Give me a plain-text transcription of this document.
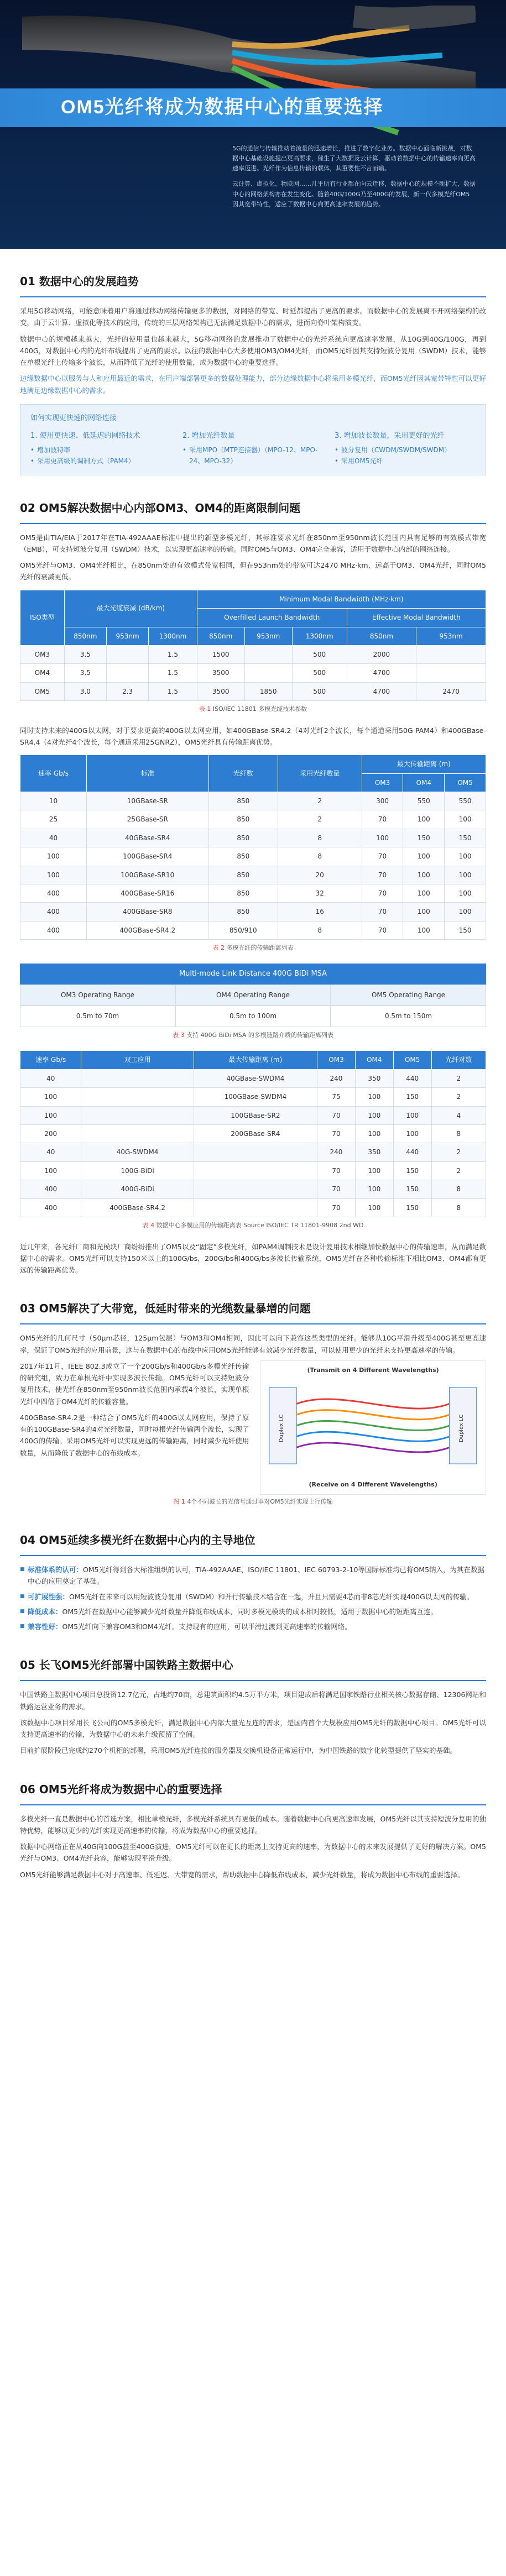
OM5光纤将成为数据中心的重要选择

5G的通信与传输推动着流量的迅速增长，推进了数字化业务。数据中心面临新挑战，对数据中心基础设施提出更高要求，催生了大数据及云计算，驱动着数据中心的传输速率向更高速率迈进。光纤作为信息传输的载体，其重要性不言而喻。

云计算、虚拟化、物联网……几乎所有行业都在向云迁移，数据中心的规模不断扩大，数据中心的网络架构亦在发生变化。随着40G/100G乃至400G的发展，新一代多模光纤OM5因其宽带特性，适应了数据中心向更高速率发展的趋势。

01 数据中心的发展趋势

采用5G移动网络，可能意味着用户将通过移动网络传输更多的数据，对网络的带宽、时延都提出了更高的要求。而数据中心的发展离不开网络架构的改变，由于云计算、虚拟化等技术的应用，传统的三层网络架构已无法满足数据中心的需求，进而向脊叶架构演变。

数据中心的规模越来越大，光纤的使用量也越来越大，5G移动网络的发展推动了数据中心的光纤系统向更高速率发展，从10G到40G/100G，再到400G，对数据中心内的光纤布线提出了更高的要求。以往的数据中心大多使用OM3/OM4光纤，而OM5光纤因其支持短波分复用（SWDM）技术，能够在单根光纤上传输多个波长，从而降低了光纤的使用数量，成为数据中心的重要选择。

边缘数据中心以服务与人和应用最近的需求，在用户端部署更多的数据处理能力，部分边缘数据中心将采用多模光纤，而OM5光纤因其宽带特性可以更好地满足边缘数据中心的需求。

如何实现更快速的网络连接
1. 使用更快速、低延迟的网络技术
• 增加波特率
• 采用更高级的调制方式（PAM4）
2. 增加光纤数量
• 采用MPO（MTP连接器）（MPO-12、MPO-24、MPO-32）
3. 增加波长数量，采用更好的光纤
• 波分复用（CWDM/SWDM/SWDM）
• 采用OM5光纤
02 OM5解决数据中心内部OM3、OM4的距离限制问题

OM5是由TIA/EIA于2017年在TIA-492AAAE标准中提出的新型多模光纤，其标准要求光纤在850nm至950nm波长范围内具有足够的有效模式带宽（EMB），可支持短波分复用（SWDM）技术，以实现更高速率的传输。同时OM5与OM3、OM4完全兼容，适用于数据中心内部的网络连接。

OM5光纤与OM3、OM4光纤相比，在850nm处的有效模式带宽相同，但在953nm处的带宽可达2470 MHz·km，远高于OM3、OM4光纤，同时OM5光纤的衰减更低。

ISO类型	最大光缆衰减 (dB/km)			Minimum Modal Bandwidth (MHz·km)				
				Overfilled Launch Bandwidth			Effective Modal Bandwidth	
	850nm	953nm	1300nm	850nm	953nm	1300nm	850nm	953nm
OM3	3.5		1.5	1500		500	2000	
OM4	3.5		1.5	3500		500	4700	
OM5	3.0	2.3	1.5	3500	1850	500	4700	2470
表 1 ISO/IEC 11801 多模光缆技术参数

同时支持未来的400G以太网，对于要求更高的400G以太网应用，如400GBase-SR4.2（4对光纤2个波长，每个通道采用50G PAM4）和400GBase-SR4.4（4对光纤4个波长，每个通道采用25GNRZ），OM5光纤具有传输距离优势。

速率 Gb/s	标准	光纤数	采用光纤数量	最大传输距离 (m)		
				OM3	OM4	OM5
10	10GBase-SR	850	2	300	550	550
25	25GBase-SR	850	2	70	100	100
40	40GBase-SR4	850	8	100	150	150
100	100GBase-SR4	850	8	70	100	100
100	100GBase-SR10	850	20	70	100	100
400	400GBase-SR16	850	32	70	100	100
400	400GBase-SR8	850	16	70	100	100
400	400GBase-SR4.2	850/910	8	70	100	150
表 2 多模光纤的传输距离列表
Multi-mode Link Distance 400G BiDi MSA
OM3 Operating Range	OM4 Operating Range	OM5 Operating Range
0.5m to 70m	0.5m to 100m	0.5m to 150m
表 3 支持 400G BiDi MSA 的多模链路介质的传输距离列表
速率 Gb/s	双工应用	最大传输距离 (m)	OM3	OM4	OM5	光纤对数
40		40GBase-SWDM4	240	350	440	2
100		100GBase-SWDM4	75	100	150	2
100		100GBase-SR2	70	100	100	4
200		200GBase-SR4	70	100	100	8
40	40G-SWDM4		240	350	440	2
100	100G-BiDi		70	100	150	2
400	400G-BiDi		70	100	150	8
400	400GBase-SR4.2		70	100	150	8
表 4 数据中心多模应用的传输距离表 Source ISO/IEC TR 11801-9908 2nd WD

近几年来，各光纤厂商和光模块厂商纷纷推出了OM5以及“固定”多模光纤，如PAM4调制技术是设计复用技术相继加快数据中心的传输速率，从而满足数据中心的需求。OM5光纤可以支持150米以上的100G/bs，200G/bs和400G/bs多波长传输系统，OM5光纤在各种传输标准下相比OM3、OM4都有更远的传输距离优势。

03 OM5解决了大带宽，低延时带来的光缆数量暴增的问题

OM5光纤的几何尺寸（50μm芯径，125μm包层）与OM3和OM4相同，因此可以向下兼容这些类型的光纤。能够从10G平滑升级至400G甚至更高速率，保证了OM5光纤的应用前景，这与在数据中心的布线中应用OM5光纤能够有效减少光纤数量，可以使用更少的光纤来支持更高速率的传输。

2017年11月，IEEE 802.3成立了一个200Gb/s和400Gb/s多模光纤传输的研究组，致力在单根光纤中实现多波长传输。OM5光纤可以支持短波分复用技术，使光纤在850nm至950nm波长范围内承载4个波长，实现单根光纤中四倍于OM4光纤的传输容量。

400GBase-SR4.2是一种结合了OM5光纤的400G以太网应用，保持了原有的100GBase-SR4的4对光纤数量，同时每根光纤传输两个波长，实现了400G的传输。采用OM5光纤可以实现更远的传输距离，同时减少光纤使用数量，从而降低了数据中心的布线成本。

(Transmit on 4 Different Wavelengths)
Duplex LC	Duplex LC
(Receive on 4 Different Wavelengths)
图 1 4个不同波长的光信号通过单对OM5光纤实现上行传输
04 OM5延续多模光纤在数据中心内的主导地位
■ 标准体系的认可：OM5光纤得到各大标准组织的认可，TIA-492AAAE、ISO/IEC 11801、IEC 60793-2-10等国际标准均已将OM5纳入，为其在数据中心的应用奠定了基础。
■ 可扩展性强：OM5光纤在未来可以用短波波分复用（SWDM）和并行传输技术结合在一起，并且只需要4芯而非8芯光纤实现400G以太网的传输。
■ 降低成本：OM5光纤在数据中心能够减少光纤数量并降低布线成本，同时多模光模块的成本相对较低，适用于数据中心的短距离互连。
■ 兼容性好：OM5光纤向下兼容OM3和OM4光纤，支持现有的应用，可以平滑过渡到更高速率的传输网络。
05 长飞OM5光纤部署中国铁路主数据中心

中国铁路主数据中心项目总投资12.7亿元，占地约70亩，总建筑面积约4.5万平方米，项目建成后将满足国家铁路行业相关核心数据存储、12306网站和铁路运营业务的需求。

该数据中心项目采用长飞公司的OM5多模光纤，满足数据中心内部大量光互连的需求，是国内首个大规模应用OM5光纤的数据中心项目。OM5光纤可以支持更高速率的传输，为数据中心的未来升级预留了空间。

目前扩展阶段已完成约270个机柜的部署，采用OM5光纤连接的服务器及交换机设备正常运行中，为中国铁路的数字化转型提供了坚实的基础。

06 OM5光纤将成为数据中心的重要选择

多模光纤一直是数据中心的首选方案，相比单模光纤，多模光纤系统具有更低的成本。随着数据中心向更高速率发展，OM5光纤以其支持短波分复用的独特优势，能够以更少的光纤实现更高速率的传输，将成为数据中心的重要选择。

数据中心网络正在从40G向100G甚至400G演进，OM5光纤可以在更长的距离上支持更高的速率，为数据中心的未来发展提供了更好的解决方案。OM5光纤与OM3、OM4光纤兼容，能够实现平滑升级。

OM5光纤能够满足数据中心对于高速率、低延迟、大带宽的需求，帮助数据中心降低布线成本，减少光纤数量，将成为数据中心布线的重要选择。
